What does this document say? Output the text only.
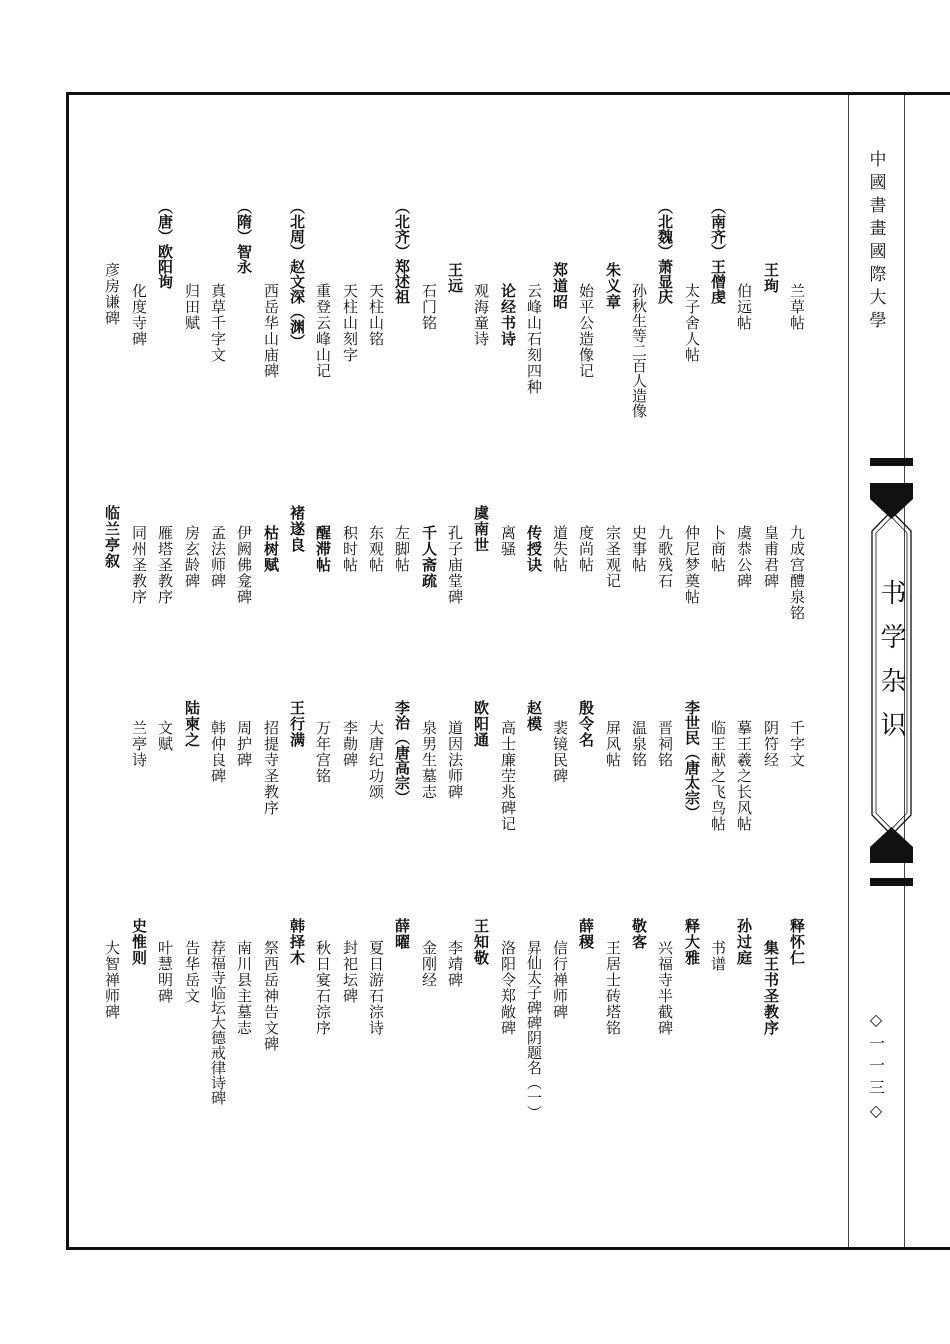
中國書畫國際大學
书学杂识
◇一一三◇
兰草帖
九成宫醴泉铭
千字文
释怀仁
王珣
皇甫君碑
阴符经
集王书圣教序
伯远帖
虞恭公碑
摹王羲之长风帖
孙过庭
（南齐）王僧虔
卜商帖
临王献之飞鸟帖
书谱
太子舍人帖
仲尼梦奠帖
李世民（唐太宗）
释大雅
（北魏）萧显庆
九歌残石
晋祠铭
兴福寺半截碑
孙秋生等二百人造像
史事帖
温泉铭
敬客
朱义章
宗圣观记
屏风帖
王居士砖塔铭
始平公造像记
度尚帖
殷令名
薛稷
郑道昭
道失帖
裴镜民碑
信行禅师碑
云峰山石刻四种
传授诀
赵模
昇仙太子碑碑阴题名（一）
论经书诗
离骚
高士廉茔兆碑记
洛阳令郑敞碑
观海童诗
虞南世
欧阳通
王知敬
王远
孔子庙堂碑
道因法师碑
李靖碑
石门铭
千人斋疏
泉男生墓志
金刚经
（北齐）郑述祖
左脚帖
李治（唐高宗）
薛曜
天柱山铭
东观帖
大唐纪功颂
夏日游石淙诗
天柱山刻字
积时帖
李勣碑
封祀坛碑
重登云峰山记
醒滞帖
万年宫铭
秋日宴石淙序
（北周）赵文深（渊）
褚遂良
王行满
韩择木
西岳华山庙碑
枯树赋
招提寺圣教序
祭西岳神告文碑
（隋）智永
伊阙佛龛碑
周护碑
南川县主墓志
真草千字文
孟法师碑
韩仲良碑
荐福寺临坛大德戒律诗碑
归田赋
房玄龄碑
陆柬之
告华岳文
（唐）欧阳询
雁塔圣教序
文赋
叶慧明碑
化度寺碑
同州圣教序
兰亭诗
史惟则
彦房谦碑
临兰亭叙
大智禅师碑
